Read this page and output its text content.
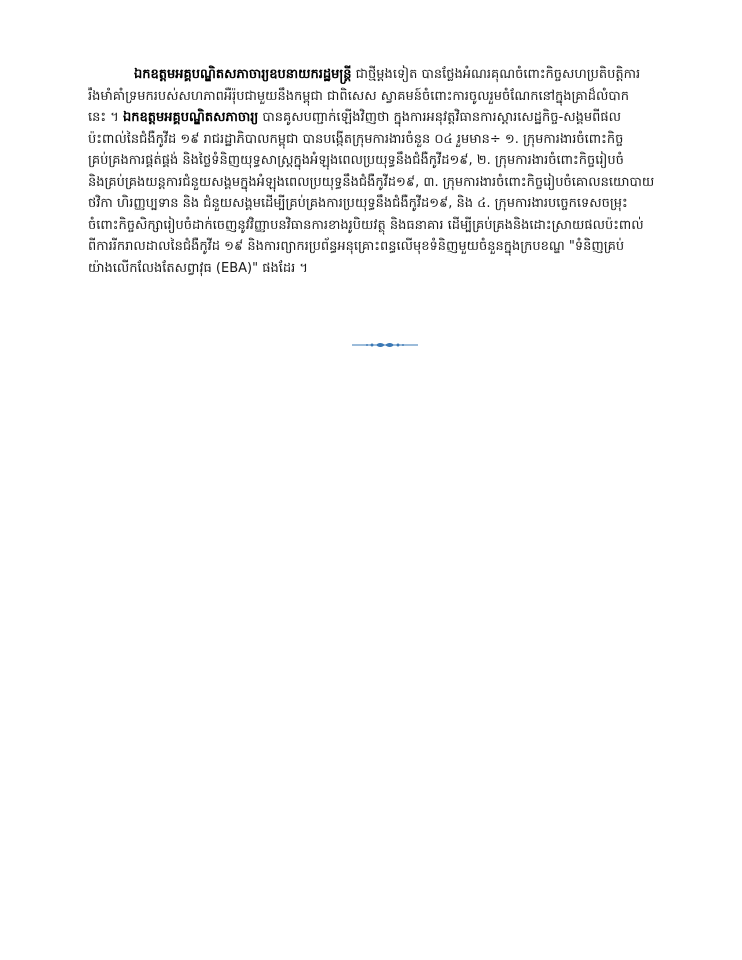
ឯកឧត្តមអគ្គបណ្ឌិតសភាចារ្យឧបនាយករដ្ឋមន្ត្រី ជាថ្មីម្តងទៀត បានថ្លែងអំណរគុណចំពោះកិច្ចសហប្រតិបត្តិការ
រឹងមាំគាំទ្រមករបស់សហភាពអឺរ៉ុបជាមួយនឹងកម្ពុជា ជាពិសេស ស្វាគមន៍ចំពោះការចូលរួមចំណែកនៅក្នុងគ្រាដ៏លំបាក
នេះ ។ ឯកឧត្តមអគ្គបណ្ឌិតសភាចារ្យ បានគូសបញ្ជាក់ឡើងវិញថា ក្នុងការអនុវត្តវិធានការស្តារសេដ្ឋកិច្ច-សង្គមពីផល
ប៉ះពាល់នៃជំងឺកូវីដ ១៩ រាជរដ្ឋាភិបាលកម្ពុជា បានបង្កើតក្រុមការងារចំនួន ០៤ រួមមាន÷ ១. ក្រុមការងារចំពោះកិច្ច
គ្រប់គ្រងការផ្គត់ផ្គង់ និងថ្លៃទំនិញយុទ្ធសាស្ត្រក្នុងអំឡុងពេលប្រយុទ្ធនឹងជំងឺកូវីដ១៩, ២. ក្រុមការងារចំពោះកិច្ចរៀបចំ
និងគ្រប់គ្រងយន្តការជំនួយសង្គមក្នុងអំឡុងពេលប្រយុទ្ធនឹងជំងឺកូវីដ១៩, ៣. ក្រុមការងារចំពោះកិច្ចរៀបចំគោលនយោបាយ
ថវិកា ហិរញ្ញប្បទាន និង ជំនួយសង្គមដើម្បីគ្រប់គ្រងការប្រយុទ្ធនឹងជំងឺកូវីដ១៩, និង ៤. ក្រុមការងារបច្ចេកទេសចម្រុះ
ចំពោះកិច្ចសិក្សារៀបចំដាក់ចេញនូវវិញ្ញាបនវិធានការខាងរូបិយវត្ថុ និងធនាគារ ដើម្បីគ្រប់គ្រងនិងដោះស្រាយផលប៉ះពាល់
ពីការរីករាលដាលនៃជំងឺកូវីដ ១៩ និងការព្យាករប្រព័ន្ធអនុគ្រោះពន្ធលើមុខទំនិញមួយចំនួនក្នុងក្របខណ្ឌ "ទំនិញគ្រប់
យ៉ាងលើកលែងតែសព្វាវុធ (EBA)" ផងដែរ ។
